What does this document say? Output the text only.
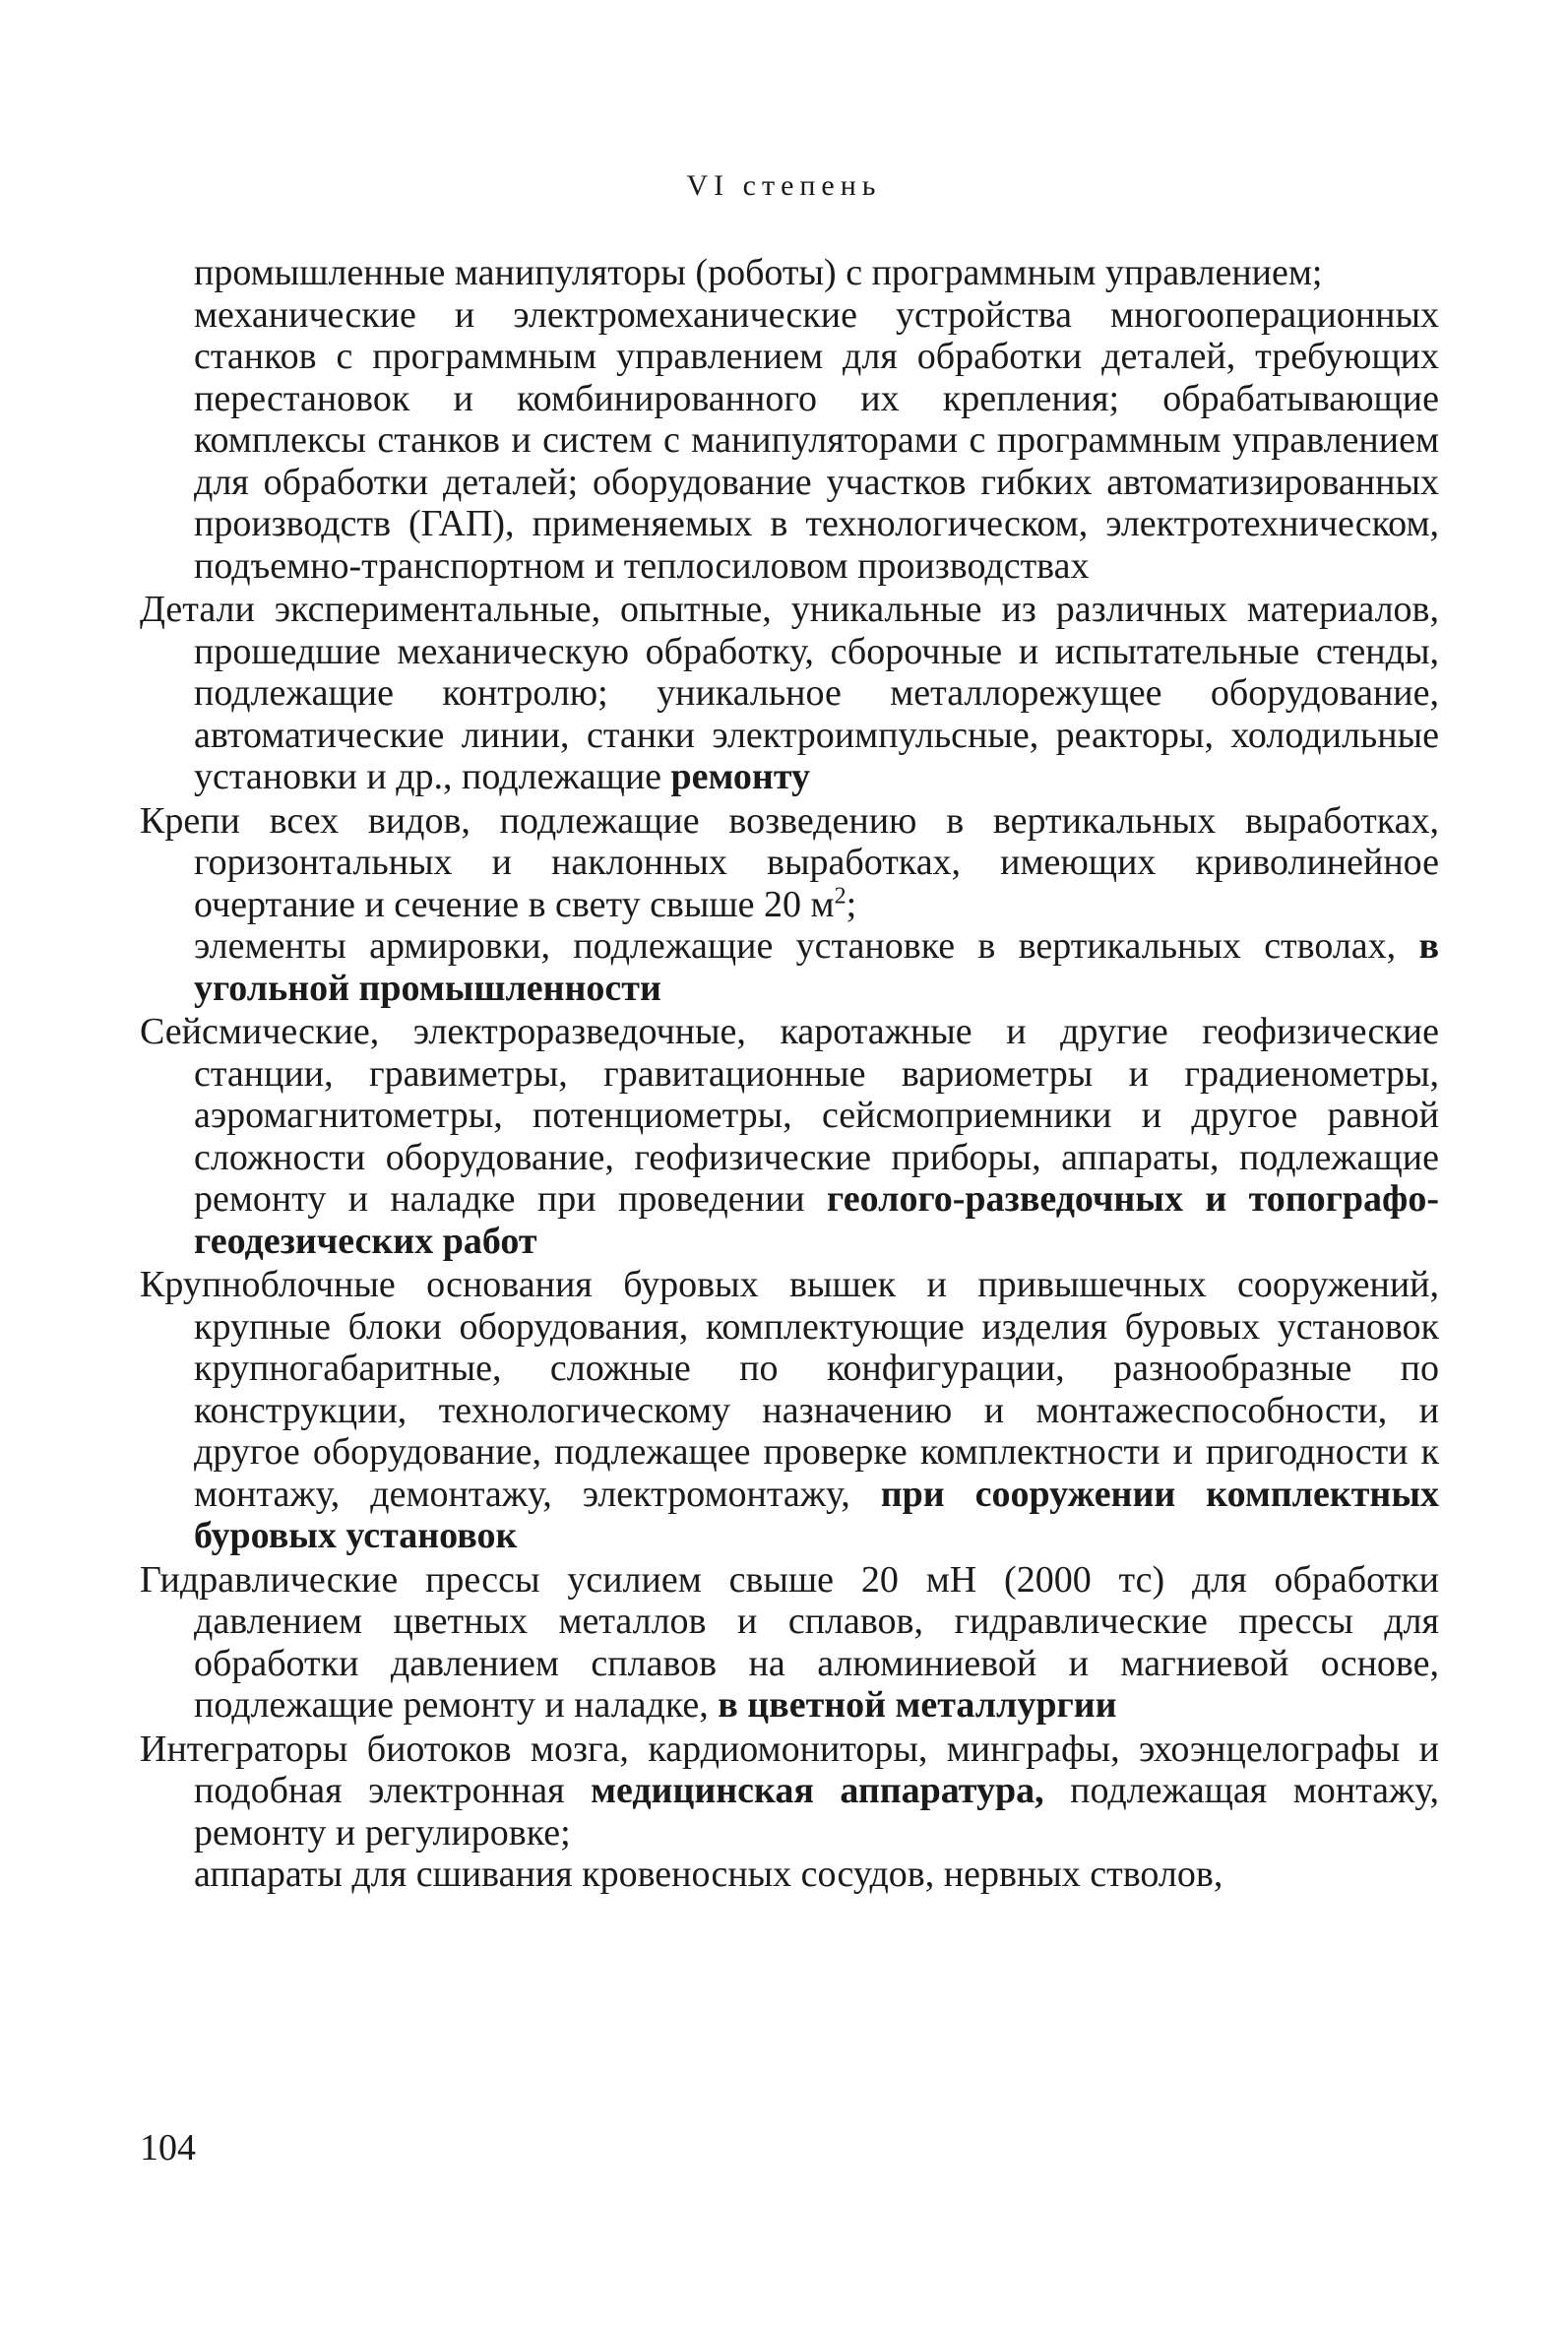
VI степень

промышленные манипуляторы (роботы) с программным управлением;

механические и электромеханические устройства многооперационных станков с программным управлением для обработки деталей, требующих перестановок и комбинированного их крепления; обрабатывающие комплексы станков и систем с манипуляторами с программным управлением для обработки деталей; оборудование участков гибких автоматизированных производств (ГАП), применяемых в технологическом, электротехническом, подъемно-транспортном и теплосиловом производствах

Детали экспериментальные, опытные, уникальные из различных материалов, прошедшие механическую обработку, сборочные и испытательные стенды, подлежащие контролю; уникальное металлорежущее оборудование, автоматические линии, станки электроимпульсные, реакторы, холодильные установки и др., подлежащие ремонту

Крепи всех видов, подлежащие возведению в вертикальных выработках, горизонтальных и наклонных выработках, имеющих криволинейное очертание и сечение в свету свыше 20 $м^2$;

элементы армировки, подлежащие установке в вертикальных стволах, в угольной промышленности

Сейсмические, электроразведочные, каротажные и другие геофизические станции, гравиметры, гравитационные вариометры и градиенометры, аэромагнитометры, потенциометры, сейсмоприемники и другое равной сложности оборудование, геофизические приборы, аппараты, подлежащие ремонту и наладке при проведении геолого-разведочных и топографо-геодезических работ

Крупноблочные основания буровых вышек и привышечных сооружений, крупные блоки оборудования, комплектующие изделия буровых установок крупногабаритные, сложные по конфигурации, разнообразные по конструкции, технологическому назначению и монтажеспособности, и другое оборудование, подлежащее проверке комплектности и пригодности к монтажу, демонтажу, электромонтажу, при сооружении комплектных буровых установок

Гидравлические прессы усилием свыше 20 мН (2000 тс) для обработки давлением цветных металлов и сплавов, гидравлические прессы для обработки давлением сплавов на алюминиевой и магниевой основе, подлежащие ремонту и наладке, в цветной металлургии

Интеграторы биотоков мозга, кардиомониторы, минграфы, эхоэнцелографы и подобная электронная медицинская аппаратура, подлежащая монтажу, ремонту и регулировке;

аппараты для сшивания кровеносных сосудов, нервных стволов,

104
